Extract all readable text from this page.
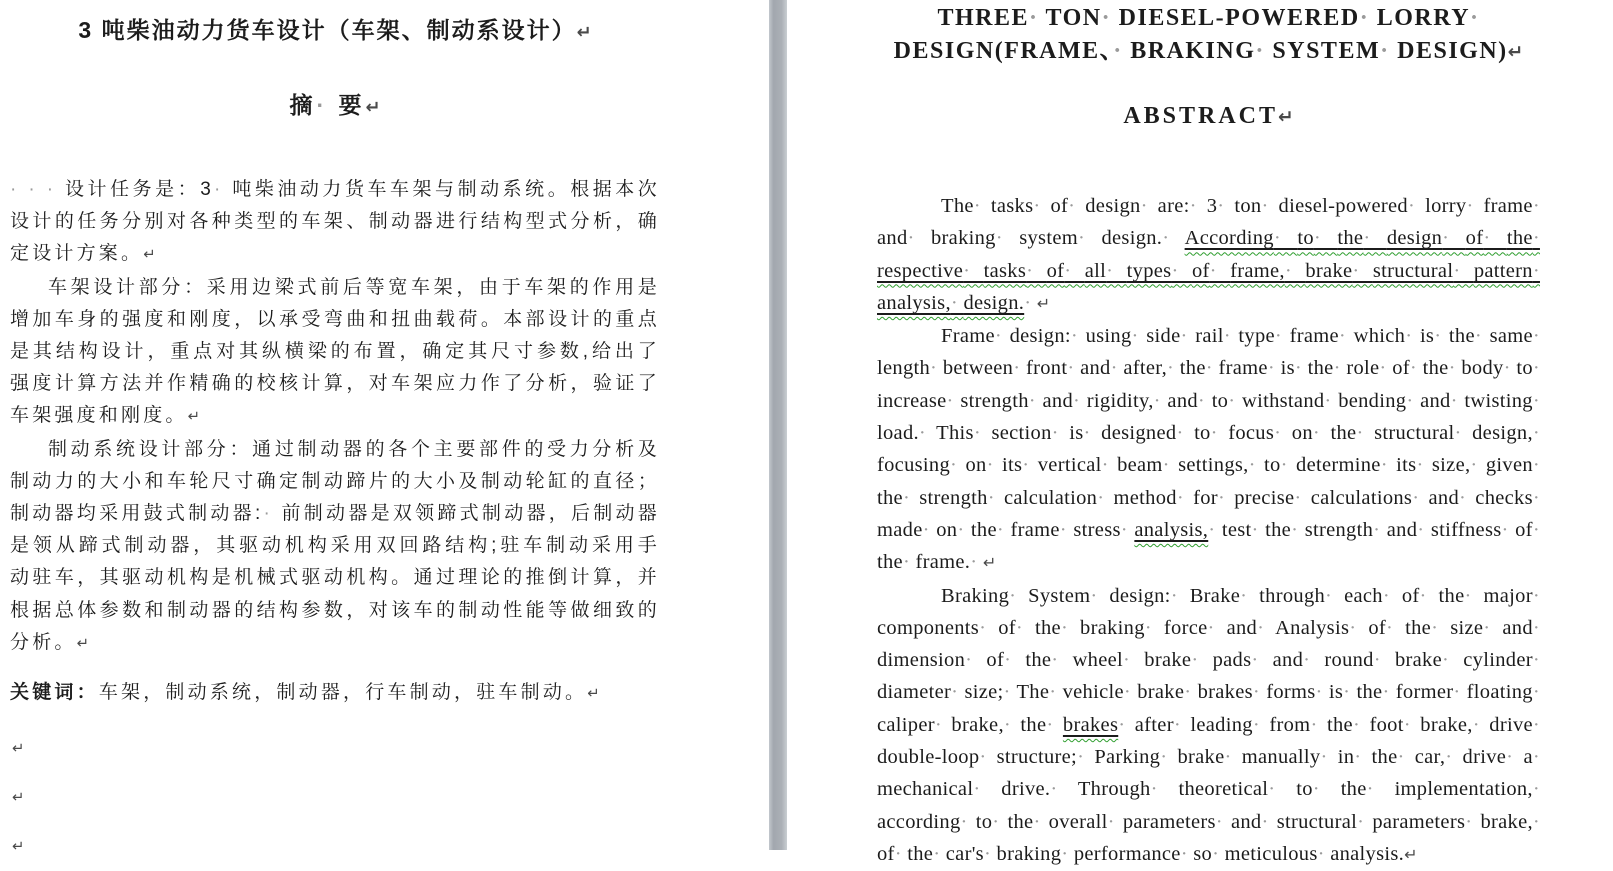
3 吨柴油动力货车设计（车架、制动系设计）↵
摘· 要↵

· · · 设计任务是：3· 吨柴油动力货车车架与制动系统。根据本次设计的任务分别对各种类型的车架、制动器进行结构型式分析，确定设计方案。↵

车架设计部分：采用边梁式前后等宽车架，由于车架的作用是增加车身的强度和刚度，以承受弯曲和扭曲载荷。本部设计的重点是其结构设计，重点对其纵横梁的布置，确定其尺寸参数,给出了强度计算方法并作精确的校核计算，对车架应力作了分析，验证了车架强度和刚度。↵

制动系统设计部分：通过制动器的各个主要部件的受力分析及制动力的大小和车轮尺寸确定制动蹄片的大小及制动轮缸的直径；制动器均采用鼓式制动器:· 前制动器是双领蹄式制动器，后制动器是领从蹄式制动器，其驱动机构采用双回路结构;驻车制动采用手动驻车，其驱动机构是机械式驱动机构。通过理论的推倒计算，并根据总体参数和制动器的结构参数，对该车的制动性能等做细致的分析。↵

关键词：车架，制动系统，制动器，行车制动，驻车制动。↵

↵
↵
↵
THREE· TON· DIESEL-POWERED· LORRY·
DESIGN(FRAME、· BRAKING· SYSTEM· DESIGN)↵
ABSTRACT↵

The· tasks· of· design· are:· 3· ton· diesel-powered· lorry· frame· and· braking· system· design.· According· to· the· design· of· the· respective· tasks· of· all· types· of· frame,· brake· structural· pattern· analysis,· design.· ↵

Frame· design:· using· side· rail· type· frame· which· is· the· same· length· between· front· and· after,· the· frame· is· the· role· of· the· body· to· increase· strength· and· rigidity,· and· to· withstand· bending· and· twisting· load.· This· section· is· designed· to· focus· on· the· structural· design,· focusing· on· its· vertical· beam· settings,· to· determine· its· size,· given· the· strength· calculation· method· for· precise· calculations· and· checks· made· on· the· frame· stress· analysis,· test· the· strength· and· stiffness· of· the· frame.· ↵

Braking· System· design:· Brake· through· each· of· the· major· components· of· the· braking· force· and· Analysis· of· the· size· and· dimension· of· the· wheel· brake· pads· and· round· brake· cylinder· diameter· size;· The· vehicle· brake· brakes· forms· is· the· former· floating· caliper· brake,· the· brakes· after· leading· from· the· foot· brake,· drive· double-loop· structure;· Parking· brake· manually· in· the· car,· drive· a· mechanical· drive.· Through· theoretical· to· the· implementation,· according· to· the· overall· parameters· and· structural· parameters· brake,· of· the· car's· braking· performance· so· meticulous· analysis.↵
